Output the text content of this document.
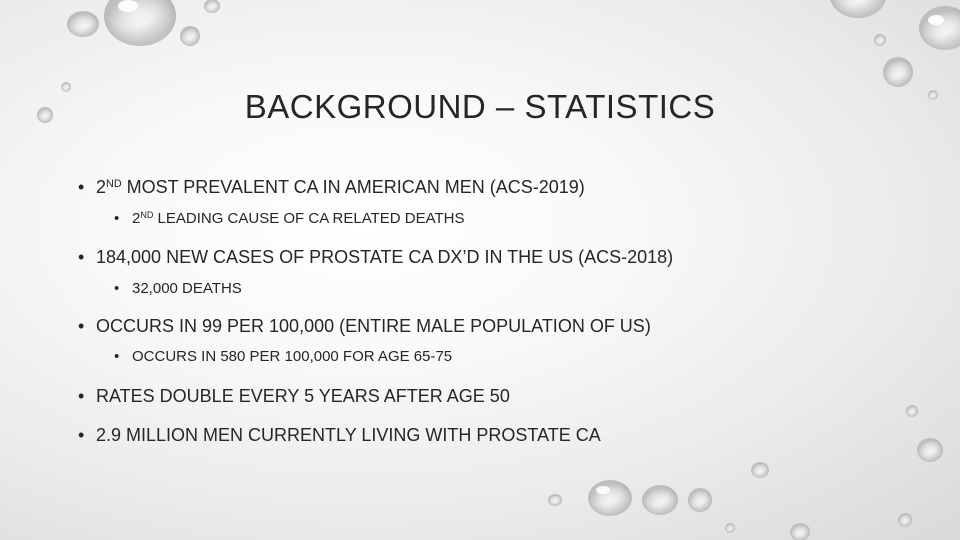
BACKGROUND – STATISTICS
• 2ND MOST PREVALENT CA IN AMERICAN MEN (ACS-2019)
• 2ND LEADING CAUSE OF CA RELATED DEATHS
• 184,000 NEW CASES OF PROSTATE CA DX’D IN THE US (ACS-2018)
• 32,000 DEATHS
• OCCURS IN 99 PER 100,000 (ENTIRE MALE POPULATION OF US)
• OCCURS IN 580 PER 100,000 FOR AGE 65-75
• RATES DOUBLE EVERY 5 YEARS AFTER AGE 50
• 2.9 MILLION MEN CURRENTLY LIVING WITH PROSTATE CA
